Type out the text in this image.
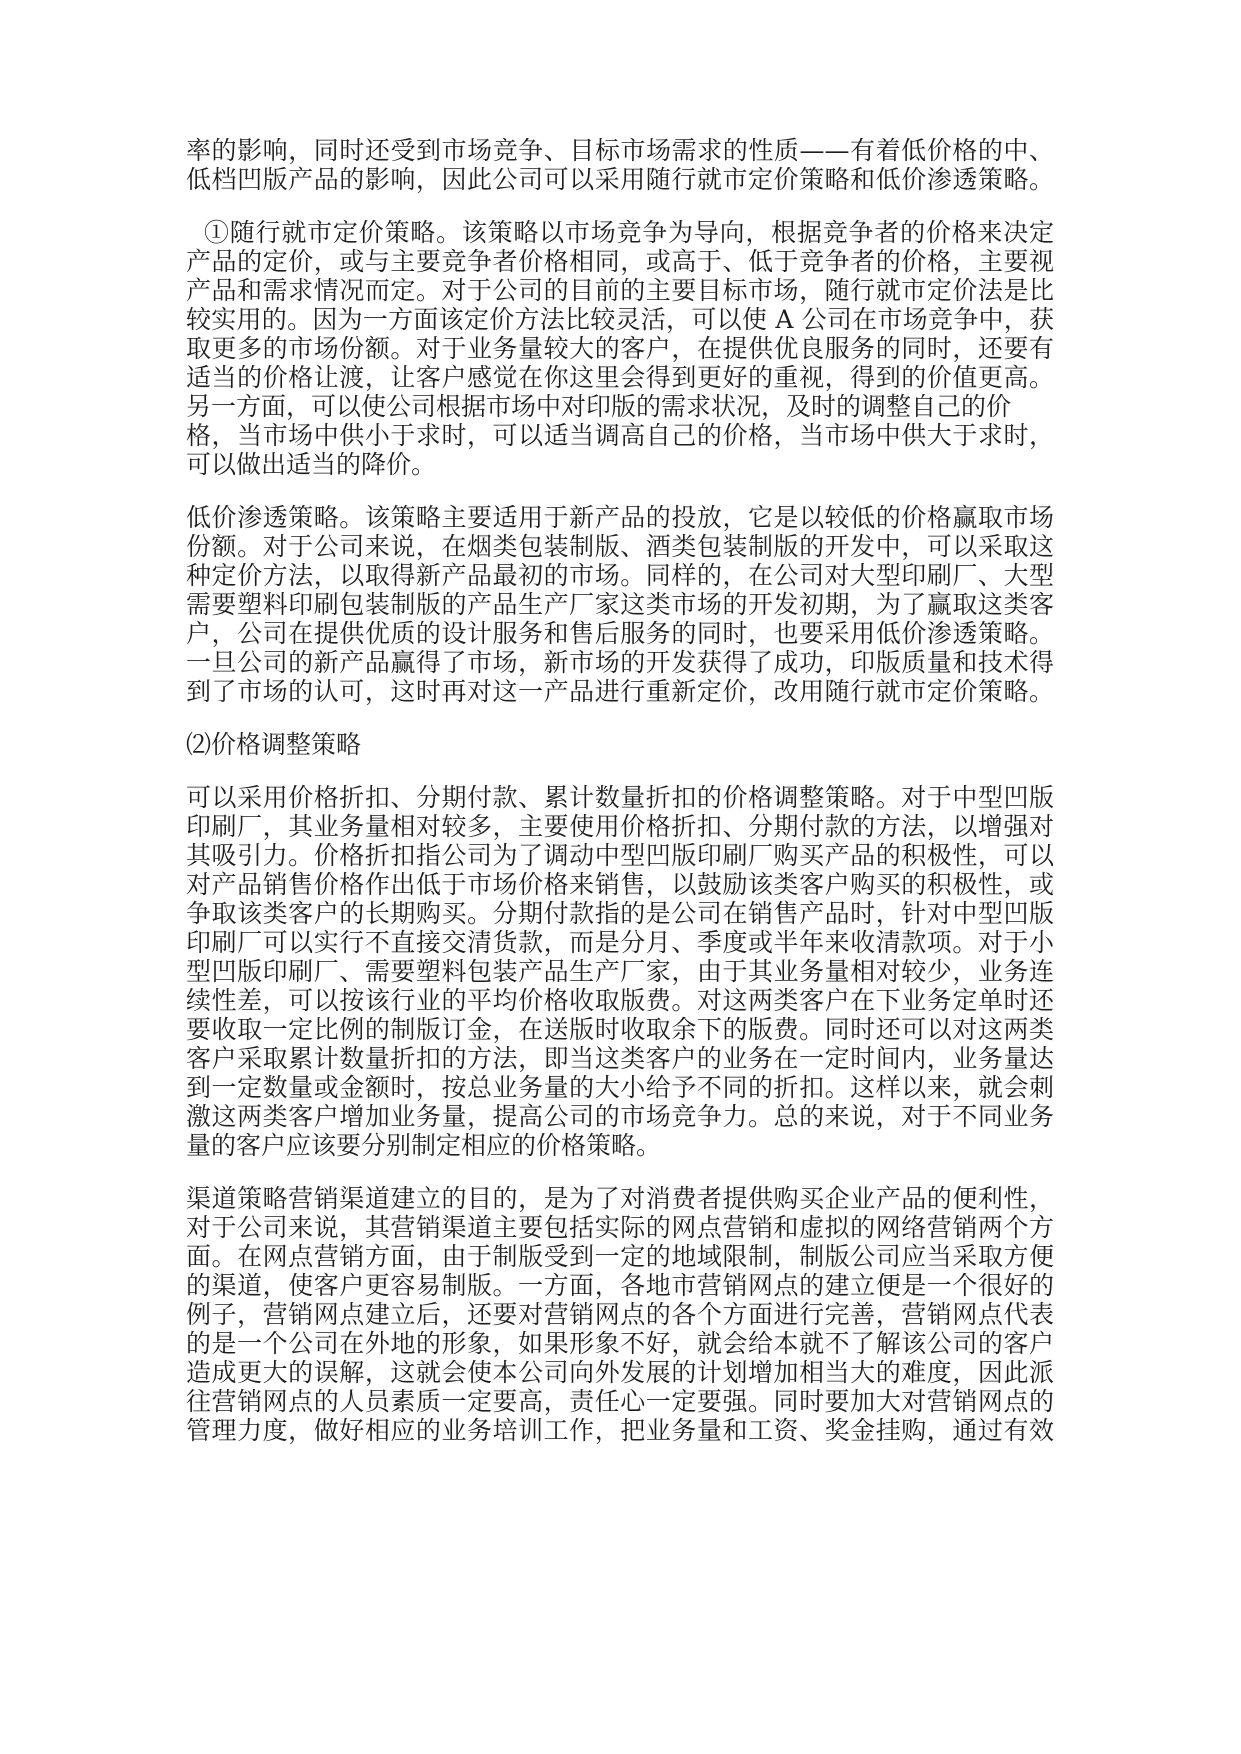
率的影响，同时还受到市场竞争、目标市场需求的性质——有着低价格的中、
低档凹版产品的影响，因此公司可以采用随行就市定价策略和低价渗透策略。
①随行就市定价策略。该策略以市场竞争为导向，根据竞争者的价格来决定
产品的定价，或与主要竞争者价格相同，或高于、低于竞争者的价格，主要视
产品和需求情况而定。对于公司的目前的主要目标市场，随行就市定价法是比
较实用的。因为一方面该定价方法比较灵活，可以使 A 公司在市场竞争中，获
取更多的市场份额。对于业务量较大的客户，在提供优良服务的同时，还要有
适当的价格让渡，让客户感觉在你这里会得到更好的重视，得到的价值更高。
另一方面，可以使公司根据市场中对印版的需求状况，及时的调整自己的价
格，当市场中供小于求时，可以适当调高自己的价格，当市场中供大于求时，
可以做出适当的降价。
低价渗透策略。该策略主要适用于新产品的投放，它是以较低的价格赢取市场
份额。对于公司来说，在烟类包装制版、酒类包装制版的开发中，可以采取这
种定价方法，以取得新产品最初的市场。同样的，在公司对大型印刷厂、大型
需要塑料印刷包装制版的产品生产厂家这类市场的开发初期，为了赢取这类客
户，公司在提供优质的设计服务和售后服务的同时，也要采用低价渗透策略。
一旦公司的新产品赢得了市场，新市场的开发获得了成功，印版质量和技术得
到了市场的认可，这时再对这一产品进行重新定价，改用随行就市定价策略。
⑵价格调整策略
可以采用价格折扣、分期付款、累计数量折扣的价格调整策略。对于中型凹版
印刷厂，其业务量相对较多，主要使用价格折扣、分期付款的方法，以增强对
其吸引力。价格折扣指公司为了调动中型凹版印刷厂购买产品的积极性，可以
对产品销售价格作出低于市场价格来销售，以鼓励该类客户购买的积极性，或
争取该类客户的长期购买。分期付款指的是公司在销售产品时，针对中型凹版
印刷厂可以实行不直接交清货款，而是分月、季度或半年来收清款项。对于小
型凹版印刷厂、需要塑料包装产品生产厂家，由于其业务量相对较少，业务连
续性差，可以按该行业的平均价格收取版费。对这两类客户在下业务定单时还
要收取一定比例的制版订金，在送版时收取余下的版费。同时还可以对这两类
客户采取累计数量折扣的方法，即当这类客户的业务在一定时间内，业务量达
到一定数量或金额时，按总业务量的大小给予不同的折扣。这样以来，就会刺
激这两类客户增加业务量，提高公司的市场竞争力。总的来说，对于不同业务
量的客户应该要分别制定相应的价格策略。
渠道策略营销渠道建立的目的，是为了对消费者提供购买企业产品的便利性，
对于公司来说，其营销渠道主要包括实际的网点营销和虚拟的网络营销两个方
面。在网点营销方面，由于制版受到一定的地域限制，制版公司应当采取方便
的渠道，使客户更容易制版。一方面，各地市营销网点的建立便是一个很好的
例子，营销网点建立后，还要对营销网点的各个方面进行完善，营销网点代表
的是一个公司在外地的形象，如果形象不好，就会给本就不了解该公司的客户
造成更大的误解，这就会使本公司向外发展的计划增加相当大的难度，因此派
往营销网点的人员素质一定要高，责任心一定要强。同时要加大对营销网点的
管理力度，做好相应的业务培训工作，把业务量和工资、奖金挂购，通过有效
